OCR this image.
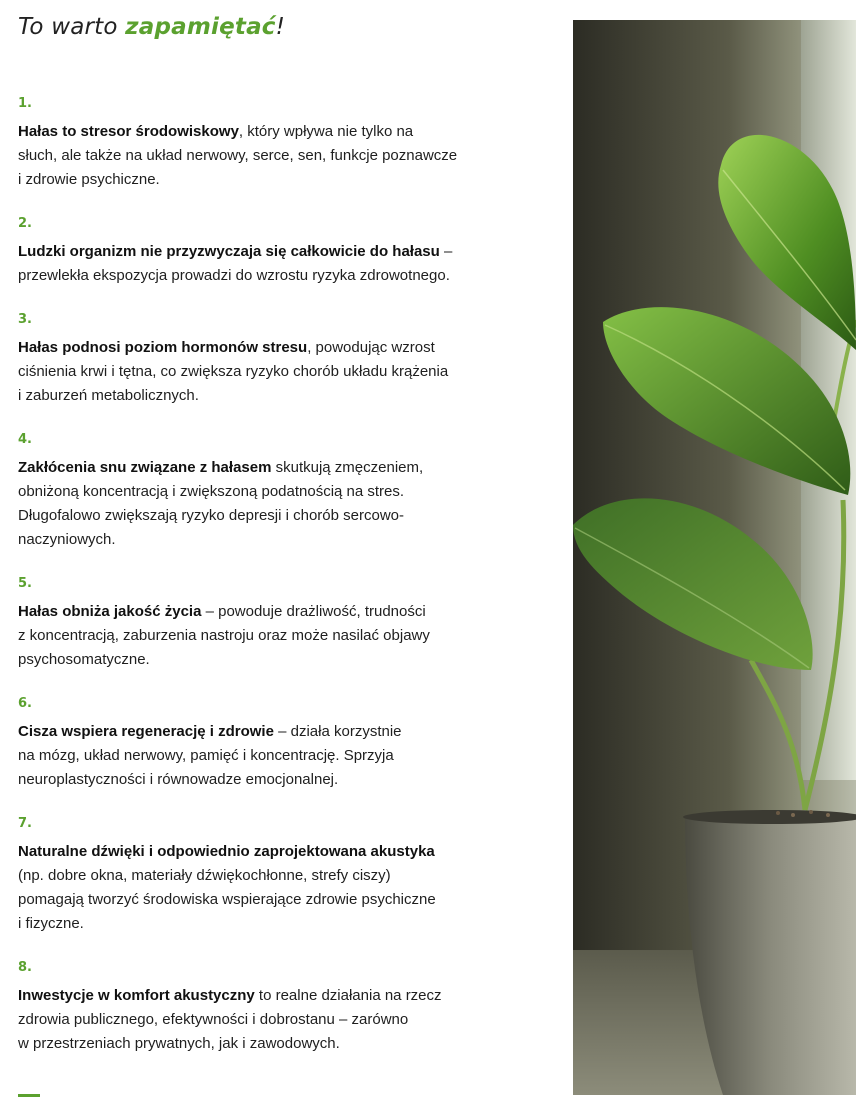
To warto zapamiętać!
1.
Hałas to stresor środowiskowy, który wpływa nie tylko na
słuch, ale także na układ nerwowy, serce, sen, funkcje poznawcze
i zdrowie psychiczne.
2.
Ludzki organizm nie przyzwyczaja się całkowicie do hałasu –
przewlekła ekspozycja prowadzi do wzrostu ryzyka zdrowotnego.
3.
Hałas podnosi poziom hormonów stresu, powodując wzrost
ciśnienia krwi i tętna, co zwiększa ryzyko chorób układu krążenia
i zaburzeń metabolicznych.
4.
Zakłócenia snu związane z hałasem skutkują zmęczeniem,
obniżoną koncentracją i zwiększoną podatnością na stres.
Długofalowo zwiększają ryzyko depresji i chorób sercowo-
naczyniowych.
5.
Hałas obniża jakość życia – powoduje drażliwość, trudności
z koncentracją, zaburzenia nastroju oraz może nasilać objawy
psychosomatyczne.
6.
Cisza wspiera regenerację i zdrowie – działa korzystnie
na mózg, układ nerwowy, pamięć i koncentrację. Sprzyja
neuroplastyczności i równowadze emocjonalnej.
7.
Naturalne dźwięki i odpowiednio zaprojektowana akustyka
(np. dobre okna, materiały dźwiękochłonne, strefy ciszy)
pomagają tworzyć środowiska wspierające zdrowie psychiczne
i fizyczne.
8.
Inwestycje w komfort akustyczny to realne działania na rzecz
zdrowia publicznego, efektywności i dobrostanu – zarówno
w przestrzeniach prywatnych, jak i zawodowych.
